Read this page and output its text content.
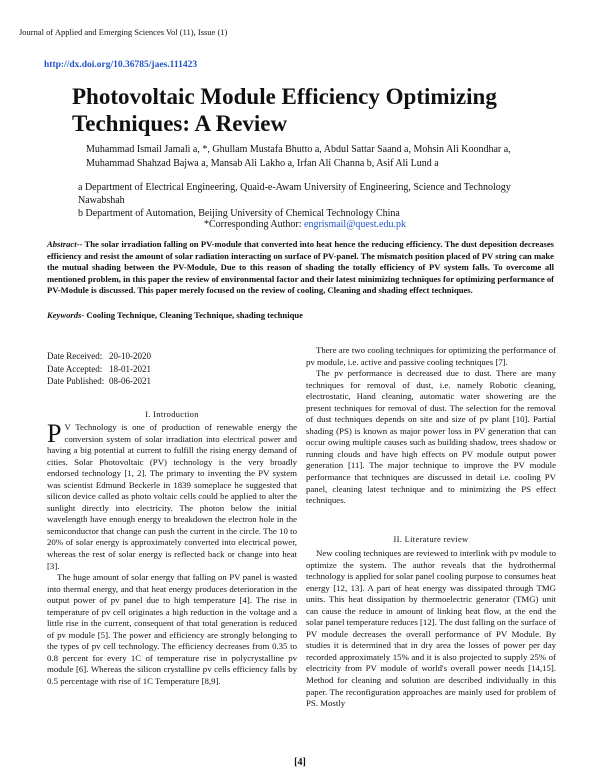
Journal of Applied and Emerging Sciences Vol (11), Issue (1)
http://dx.doi.org/10.36785/jaes.111423
Photovoltaic Module Efficiency Optimizing Techniques: A Review
Muhammad Ismail Jamali a, *, Ghullam Mustafa Bhutto a, Abdul Sattar Saand a, Mohsin Ali Koondhar a, Muhammad Shahzad Bajwa a, Mansab Ali Lakho a, Irfan Ali Channa b, Asif Ali Lund a
a Department of Electrical Engineering, Quaid-e-Awam University of Engineering, Science and Technology Nawabshah
b Department of Automation, Beijing University of Chemical Technology China
*Corresponding Author: engrismail@quest.edu.pk
Abstract-- The solar irradiation falling on PV-module that converted into heat hence the reducing efficiency. The dust deposition decreases efficiency and resist the amount of solar radiation interacting on surface of PV-panel. The mismatch position placed of PV string can make the mutual shading between the PV-Module, Due to this reason of shading the totally efficiency of PV system falls. To overcome all mentioned problem, in this paper the review of environmental factor and their latest minimizing techniques for optimizing performance of PV-Module is discussed. This paper merely focused on the review of cooling, Cleaning and shading effect techniques.
Keywords- Cooling Technique, Cleaning Technique, shading technique
Date Received: 20-10-2020
Date Accepted: 18-01-2021
Date Published: 08-06-2021
I. Introduction

P V Technology is one of production of renewable energy the conversion system of solar irradiation into electrical power and having a big potential at current to fulfill the rising energy demand of cities. Solar Photovoltaic (PV) technology is the very broadly endorsed technology [1, 2]. The primary to inventing the PV system was scientist Edmund Beckerle in 1839 someplace he suggested that silicon device called as photo voltaic cells could be applied to alter the sunlight directly into electricity. The photon below the initial wavelength have enough energy to breakdown the electron hole in the semiconductor that change can push the current in the circle. The 10 to 20% of solar energy is approximately converted into electrical power, whereas the rest of solar energy is reflected back or change into heat [3].

The huge amount of solar energy that falling on PV panel is wasted into thermal energy, and that heat energy produces deterioration in the output power of pv panel due to high temperature [4]. The rise in temperature of pv cell originates a high reduction in the voltage and a little rise in the current, consequent of that total generation is reduced of pv module [5]. The power and efficiency are strongly belonging to the types of pv cell technology. The efficiency decreases from 0.35 to 0.8 percent for every 1C of temperature rise in polycrystalline pv module [6]. Whereas the silicon crystalline pv cells efficiency falls by 0.5 percentage with rise of 1C Temperature [8,9].

There are two cooling techniques for optimizing the performance of pv module, i.e. active and passive cooling techniques [7].

The pv performance is decreased due to dust. There are many techniques for removal of dust, i.e. namely Robotic cleaning, electrostatic, Hand cleaning, automatic water showering are the present techniques for removal of dust. The selection for the removal of dust techniques depends on site and size of pv plant [10]. Partial shading (PS) is known as major power loss in PV generation that can occur owing multiple causes such as building shadow, trees shadow or running clouds and have high effects on PV module output power generation [11]. The major technique to improve the PV module performance that techniques are discussed in detail i.e. cooling PV panel, cleaning latest technique and to minimizing the PS effect techniques.

II. Literature review

New cooling techniques are reviewed to interlink with pv module to optimize the system. The author reveals that the hydrothermal technology is applied for solar panel cooling purpose to consumes heat energy [12, 13]. A part of heat energy was dissipated through TMG units. This heat dissipation by thermoelectric generator (TMG) unit can cause the reduce in amount of linking heat flow, at the end the solar panel temperature reduces [12]. The dust falling on the surface of PV module decreases the overall performance of PV Module. By studies it is determined that in dry area the losses of power per day recorded approximately 15% and it is also projected to supply 25% of electricity from PV module of world's overall power needs [14,15]. Method for cleaning and solution are described individually in this paper. The reconfiguration approaches are mainly used for problem of PS. Mostly

[4]
